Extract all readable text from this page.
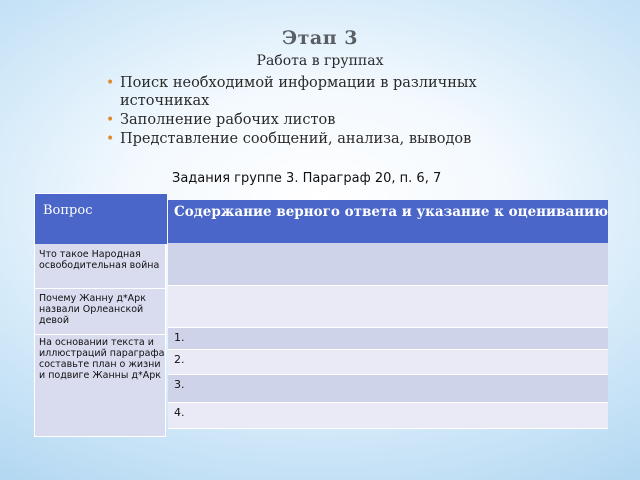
Этап 3
Работа в группах
• Поиск необходимой информации в различных источниках
• Заполнение рабочих листов
• Представление сообщений, анализа, выводов
Задания группе 3. Параграф 20, п. 6, 7
Вопрос
Что такое Народная освободительная война
Почему Жанну д*Арк назвали Орлеанской девой
На основании текста и иллюстраций параграфа составьте план о жизни и подвиге Жанны д*Арк
Содержание верного ответа и указание к оцениванию
1.
2.
3.
4.
